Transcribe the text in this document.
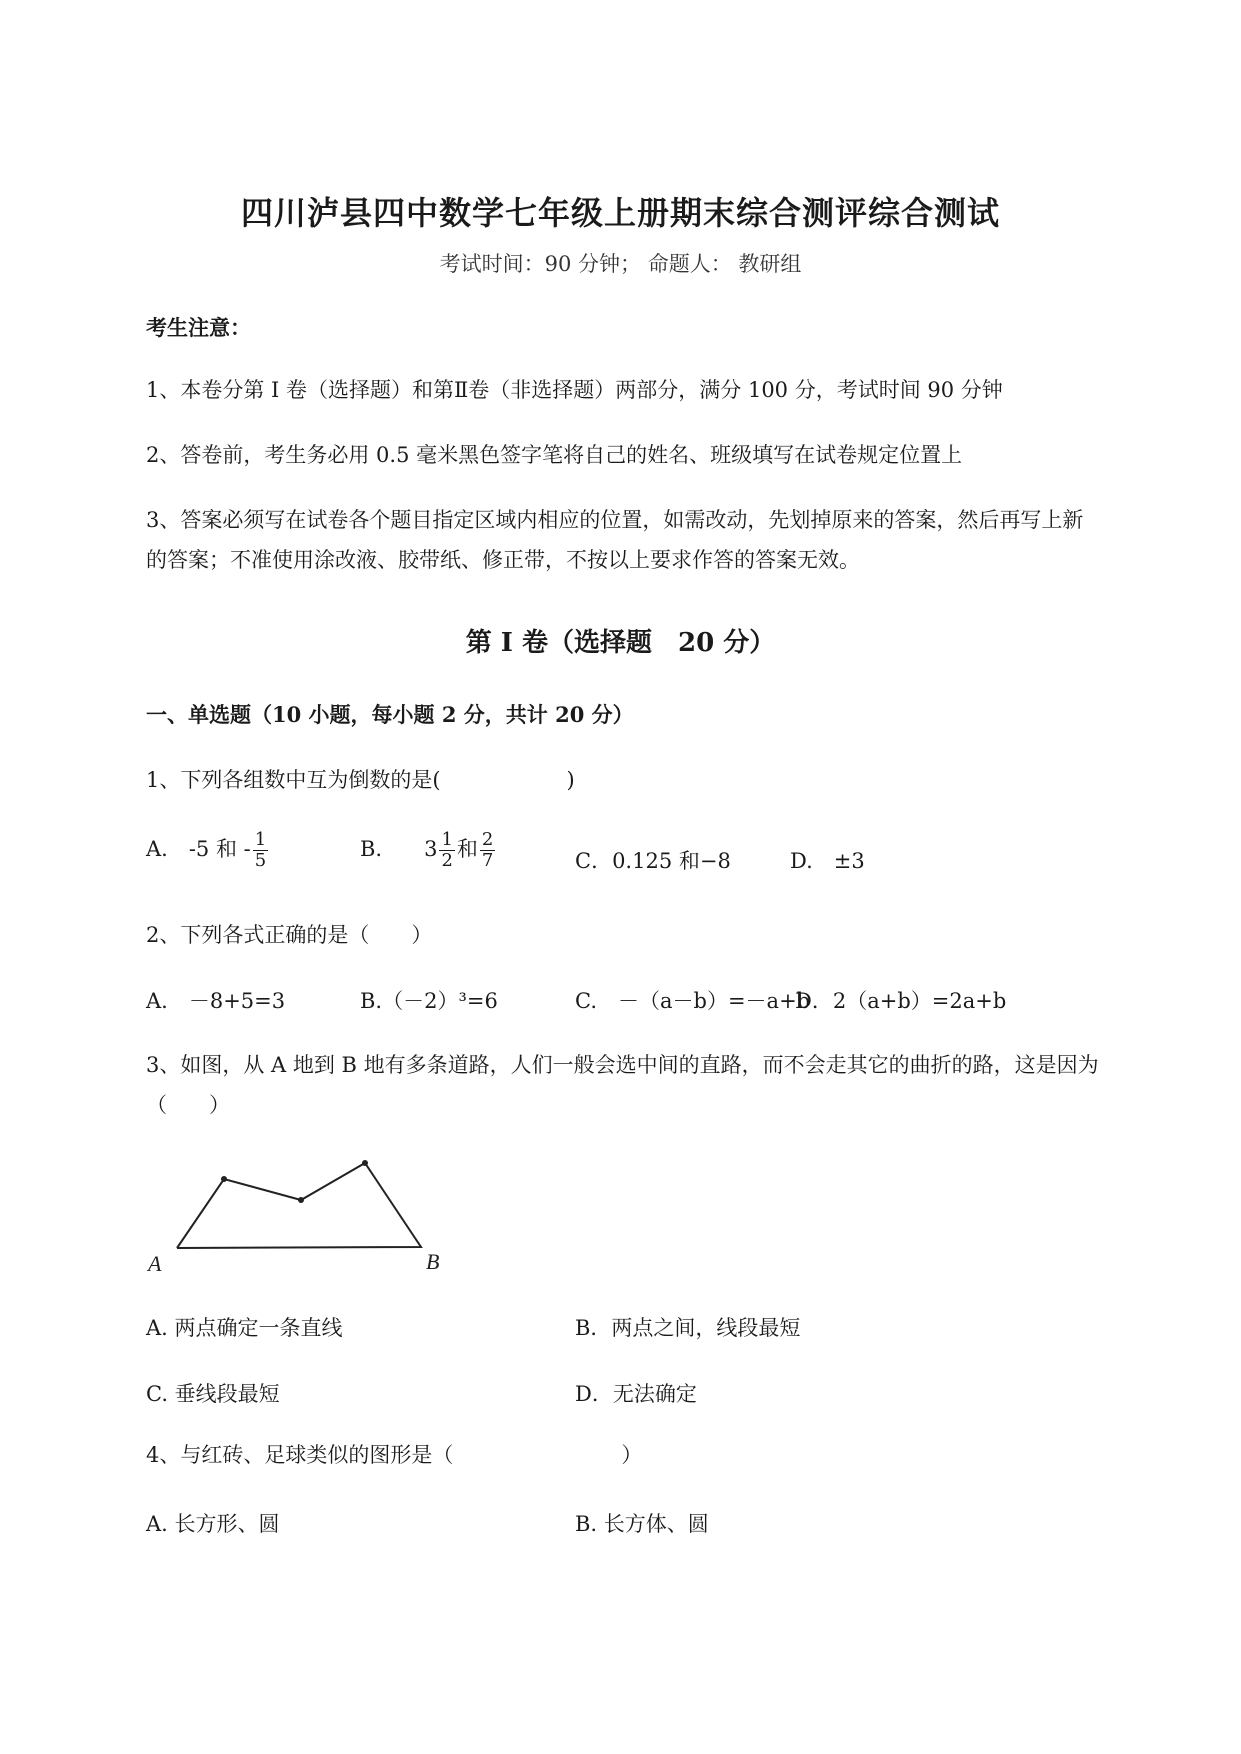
四川泸县四中数学七年级上册期末综合测评综合测试
考试时间：90 分钟； 命题人： 教研组
考生注意：
1、本卷分第 I 卷（选择题）和第Ⅱ卷（非选择题）两部分，满分 100 分，考试时间 90 分钟
2、答卷前，考生务必用 0.5 毫米黑色签字笔将自己的姓名、班级填写在试卷规定位置上
3、答案必须写在试卷各个题目指定区域内相应的位置，如需改动，先划掉原来的答案，然后再写上新
的答案；不准使用涂改液、胶带纸、修正带，不按以上要求作答的答案无效。
第 I 卷（选择题　20 分）
一、单选题（10 小题，每小题 2 分，共计 20 分）
1、下列各组数中互为倒数的是(　　　　　　)
A.　-5 和 - $\frac{1}{5}$	B.　　$3 \frac{1}{2}$ 和 $\frac{2}{7}$	C．0.125 和−8	D.　±3
2、下列各式正确的是（　　）
A.　－8+5=3	B.（－2）³=6	C.　－（a－b）=－a+b
D．2（a+b）=2a+b
3、如图，从 A 地到 B 地有多条道路，人们一般会选中间的直路，而不会走其它的曲折的路，这是因为
（　　）
A	B
A. 两点确定一条直线	B．两点之间，线段最短
C. 垂线段最短	D．无法确定
4、与红砖、足球类似的图形是（　　　　　　　　）
A. 长方形、圆	B. 长方体、圆
